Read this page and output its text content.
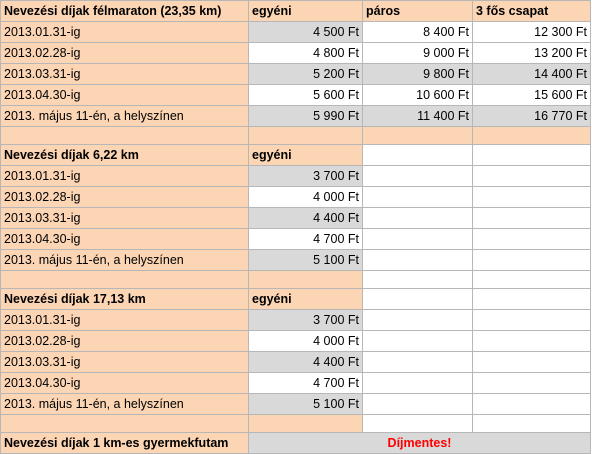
Nevezési díjak félmaraton (23,35 km)	egyéni	páros	3 fős csapat
2013.01.31-ig	4 500 Ft	8 400 Ft	12 300 Ft
2013.02.28-ig	4 800 Ft	9 000 Ft	13 200 Ft
2013.03.31-ig	5 200 Ft	9 800 Ft	14 400 Ft
2013.04.30-ig	5 600 Ft	10 600 Ft	15 600 Ft
2013. május 11-én, a helyszínen	5 990 Ft	11 400 Ft	16 770 Ft

Nevezési díjak 6,22 km	egyéni		
2013.01.31-ig	3 700 Ft		
2013.02.28-ig	4 000 Ft		
2013.03.31-ig	4 400 Ft		
2013.04.30-ig	4 700 Ft		
2013. május 11-én, a helyszínen	5 100 Ft		

Nevezési díjak 17,13 km	egyéni		
2013.01.31-ig	3 700 Ft		
2013.02.28-ig	4 000 Ft		
2013.03.31-ig	4 400 Ft		
2013.04.30-ig	4 700 Ft		
2013. május 11-én, a helyszínen	5 100 Ft		

Nevezési díjak 1 km-es gyermekfutam	Díjmentes!		
